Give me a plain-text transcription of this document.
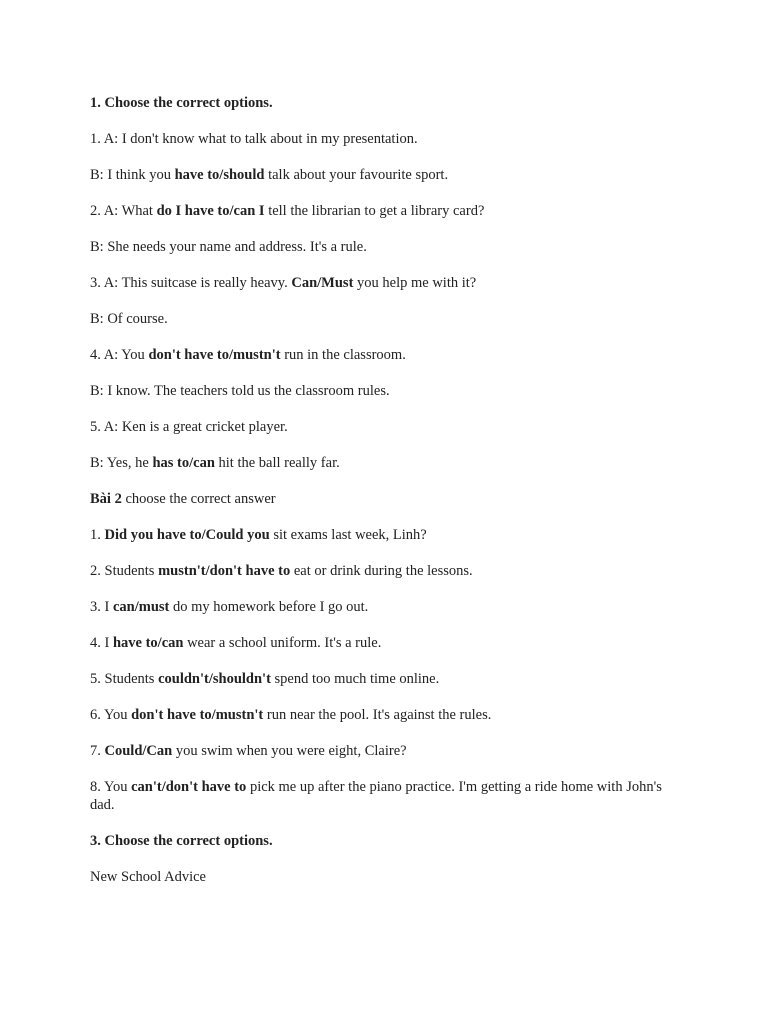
1. Choose the correct options.

1. A: I don't know what to talk about in my presentation.

B: I think you have to/should talk about your favourite sport.

2. A: What do I have to/can I tell the librarian to get a library card?

B: She needs your name and address. It's a rule.

3. A: This suitcase is really heavy. Can/Must you help me with it?

B: Of course.

4. A: You don't have to/mustn't run in the classroom.

B: I know. The teachers told us the classroom rules.

5. A: Ken is a great cricket player.

B: Yes, he has to/can hit the ball really far.

Bài 2 choose the correct answer

1. Did you have to/Could you sit exams last week, Linh?

2. Students mustn't/don't have to eat or drink during the lessons.

3. I can/must do my homework before I go out.

4. I have to/can wear a school uniform. It's a rule.

5. Students couldn't/shouldn't spend too much time online.

6. You don't have to/mustn't run near the pool. It's against the rules.

7. Could/Can you swim when you were eight, Claire?

8. You can't/don't have to pick me up after the piano practice. I'm getting a ride home with John's dad.

3. Choose the correct options.

New School Advice
